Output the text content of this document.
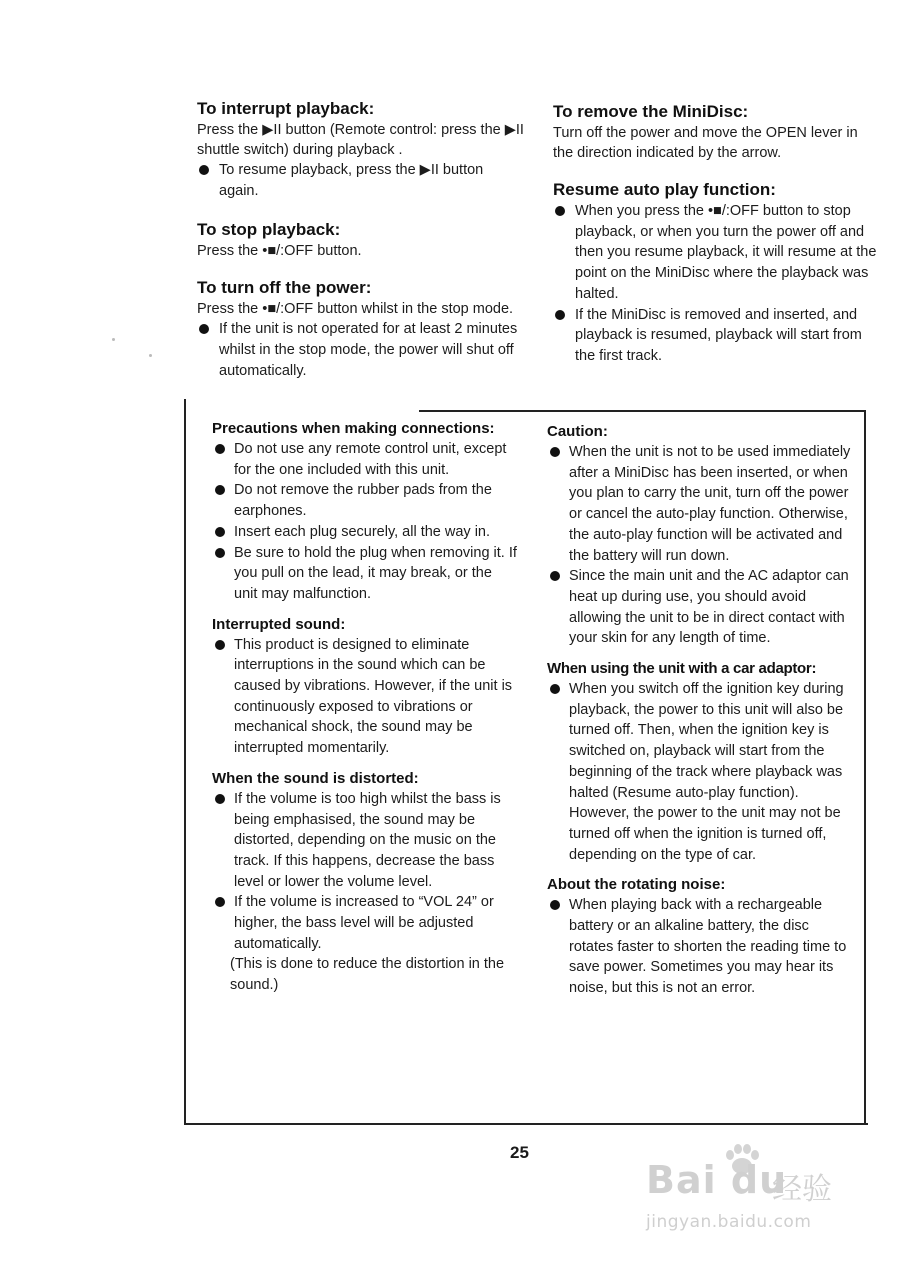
To interrupt playback:

Press the ▶II button (Remote control: press the ▶II shuttle switch) during playback .

To resume playback, press the ▶II button again.
To stop playback:

Press the •■/:OFF button.

To turn off the power:

Press the •■/:OFF button whilst in the stop mode.

If the unit is not operated for at least 2 minutes whilst in the stop mode, the power will shut off automatically.
To remove the MiniDisc:

Turn off the power and move the OPEN lever in the direction indicated by the arrow.

Resume auto play function:
When you press the •■/:OFF button to stop playback, or when you turn the power off and then you resume playback, it will resume at the point on the MiniDisc where the playback was halted.
If the MiniDisc is removed and inserted, and playback is resumed, playback will start from the first track.
Precautions when making connections:
Do not use any remote control unit, except for the one included with this unit.
Do not remove the rubber pads from the earphones.
Insert each plug securely, all the way in.
Be sure to hold the plug when removing it. If you pull on the lead, it may break, or the unit may malfunction.
Interrupted sound:
This product is designed to eliminate interruptions in the sound which can be caused by vibrations. However, if the unit is continuously exposed to vibrations or mechanical shock, the sound may be interrupted momentarily.
When the sound is distorted:
If the volume is too high whilst the bass is being emphasised, the sound may be distorted, depending on the music on the track. If this happens, decrease the bass level or lower the volume level.
If the volume is increased to “VOL 24” or higher, the bass level will be adjusted automatically.

(This is done to reduce the distortion in the sound.)

Caution:
When the unit is not to be used immediately after a MiniDisc has been inserted, or when you plan to carry the unit, turn off the power or cancel the auto-play function. Otherwise, the auto-play function will be activated and the battery will run down.
Since the main unit and the AC adaptor can heat up during use, you should avoid allowing the unit to be in direct contact with your skin for any length of time.
When using the unit with a car adaptor:
When you switch off the ignition key during playback, the power to this unit will also be turned off. Then, when the ignition key is switched on, playback will start from the beginning of the track where playback was halted (Resume auto-play function). However, the power to the unit may not be turned off when the ignition is turned off, depending on the type of car.
About the rotating noise:
When playing back with a rechargeable battery or an alkaline battery, the disc rotates faster to shorten the reading time to save power. Sometimes you may hear its noise, but this is not an error.
25
Bai du
经验
jingyan.baidu.com
